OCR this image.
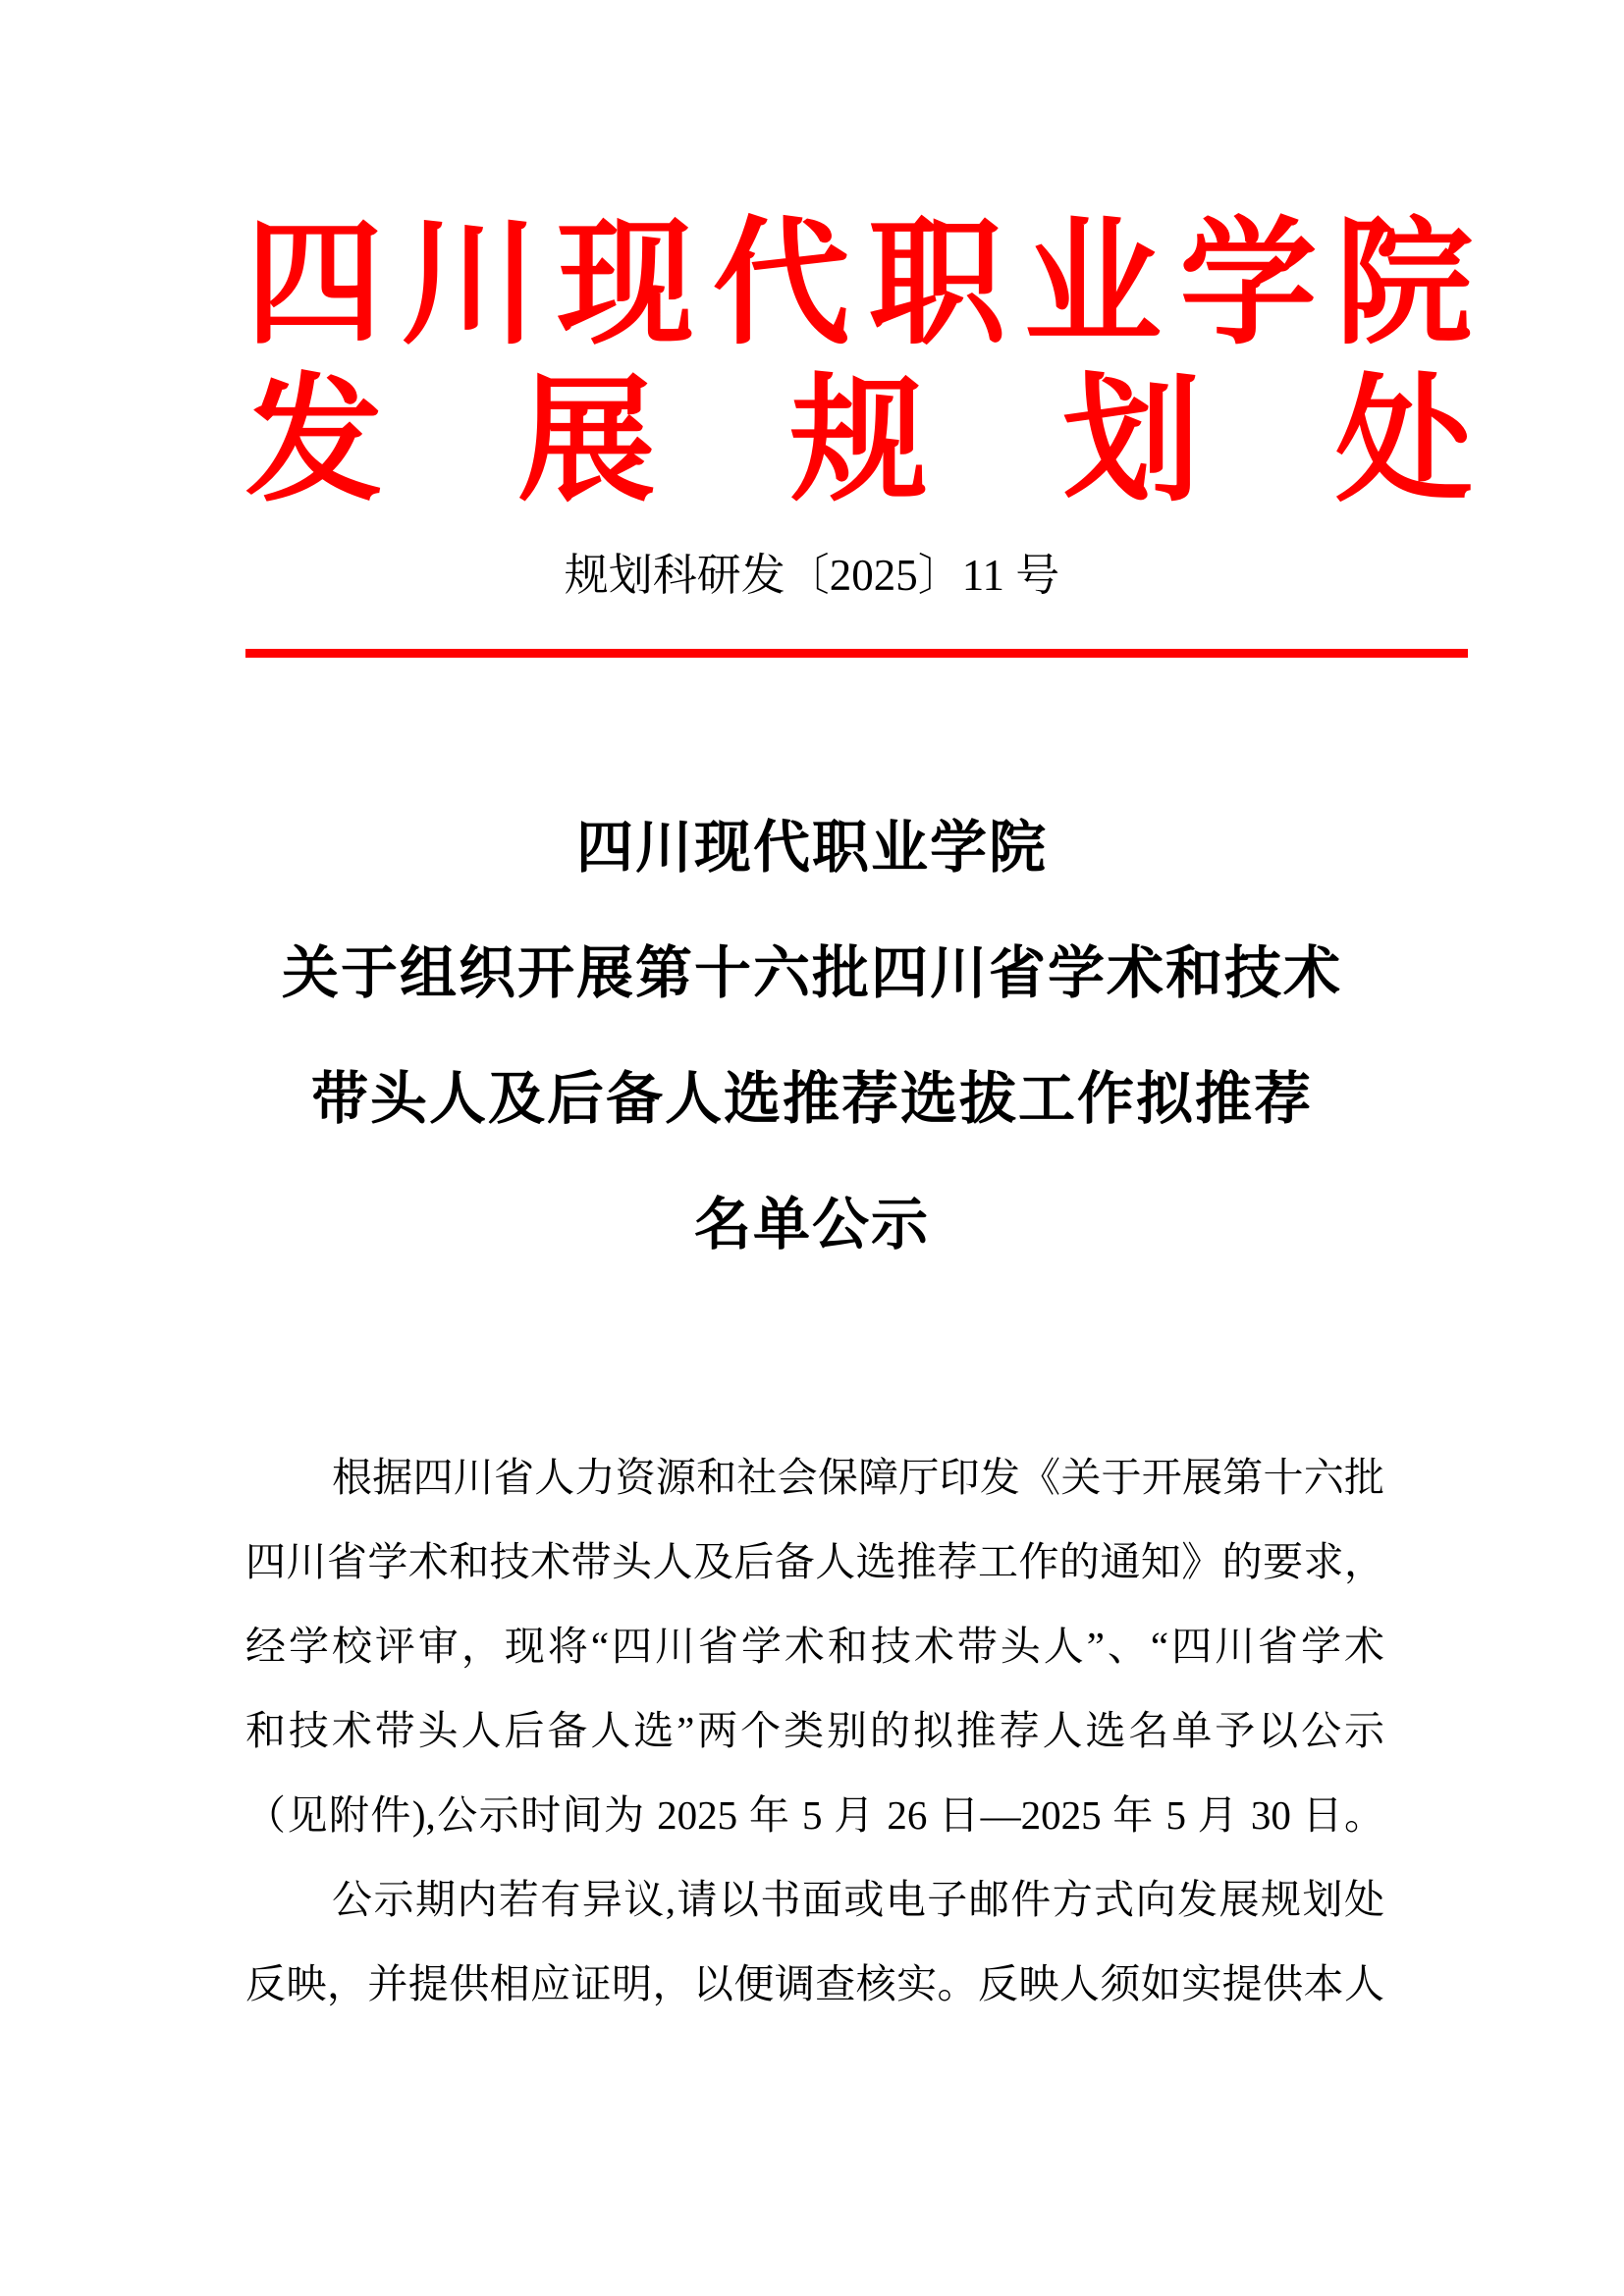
四川现代职业学院
发展规划处
规划科研发〔2025〕11 号
四川现代职业学院
关于组织开展第十六批四川省学术和技术
带头人及后备人选推荐选拔工作拟推荐
名单公示
根据四川省人力资源和社会保障厅印发《关于开展第十六批
四川省学术和技术带头人及后备人选推荐工作的通知》的要求，
经学校评审，现将“四川省学术和技术带头人”、“四川省学术
和技术带头人后备人选”两个类别的拟推荐人选名单予以公示
（见附件),公示时间为 2025 年 5 月 26 日—2025 年 5 月 30 日。
公示期内若有异议,请以书面或电子邮件方式向发展规划处
反映，并提供相应证明，以便调查核实。反映人须如实提供本人
